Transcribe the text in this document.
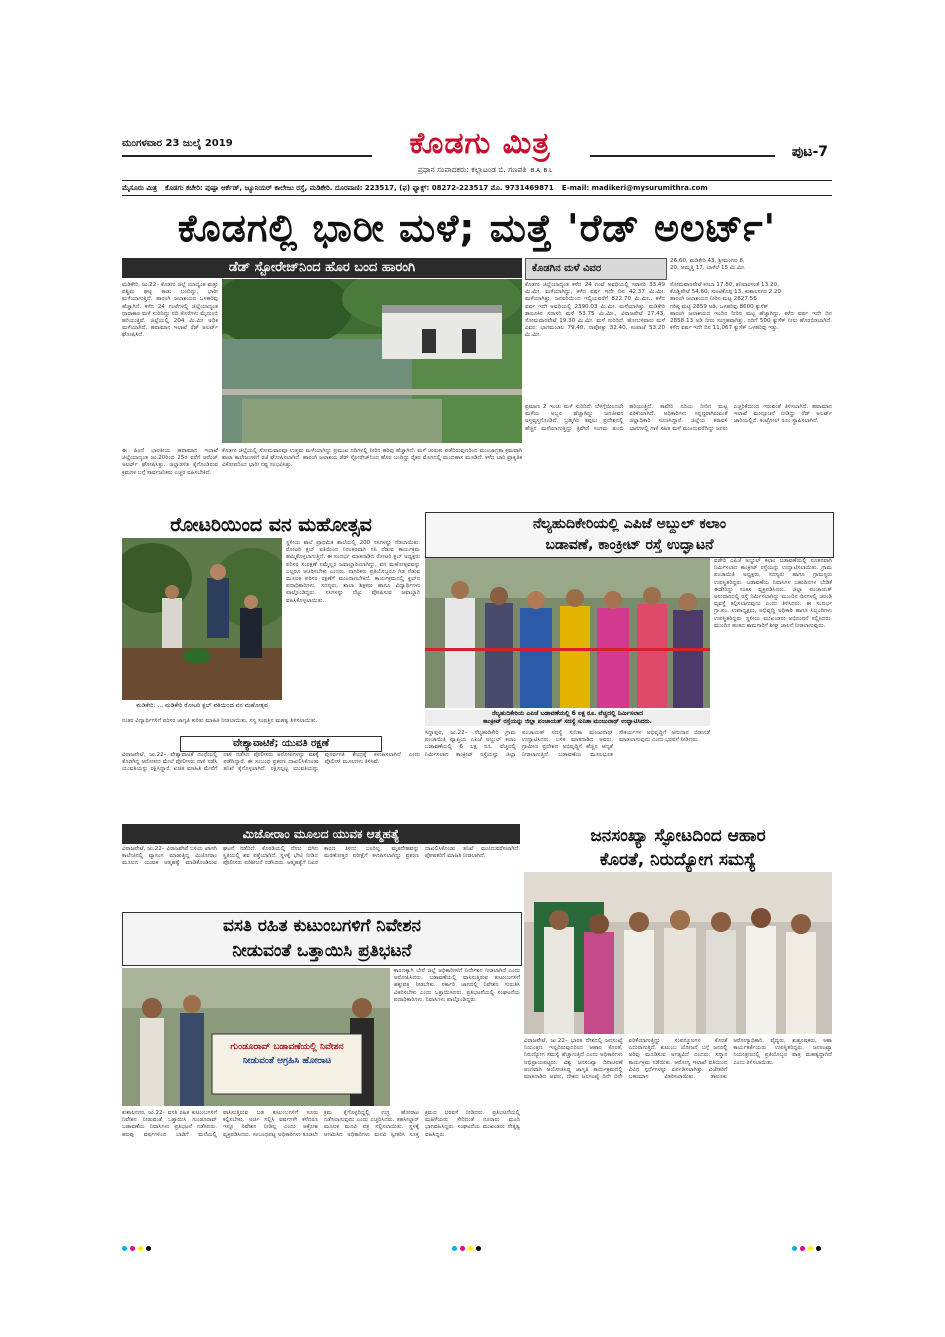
ಮಂಗಳವಾರ 23 ಜುಲೈ 2019	ಕೊಡಗು ಮಿತ್ರ	ಪುಟ-7
ಪ್ರಧಾನ ಸಂಪಾದಕರು: ಕಲ್ಲಾಟಂಡ ಬಿ. ಗಣಪತಿ B.A, B.L
ಮೈಸೂರು ಮಿತ್ರ ಕೊಡಗು ಕಚೇರಿ: ಪುಷ್ಪಾ ಆರ್ಕೆಡ್, ಜ್ಯೂನಿಯರ್ ಕಾಲೇಜು ರಸ್ತೆ, ಮಡಿಕೇರಿ. ದೂರವಾಣಿ: 223517, (ಫ) ಫ್ಯಾಕ್ಸ್: 08272-223517 ಮೊ. 9731469871 E-mail: madikeri@mysurumithra.com
ಕೊಡಗಲ್ಲಿ ಭಾರೀ ಮಳೆ; ಮತ್ತೆ 'ರೆಡ್ ಅಲರ್ಟ್'
ಡೆಡ್ ಸ್ಟೋರೇಜ್‌ನಿಂದ ಹೊರ ಬಂದ ಹಾರಂಗಿ
ಮಡಿಕೇರಿ, ಜು.22– ಕೊಡಗು ಜಿಲ್ಲೆ ಯಾದ್ಯಂತ ಮತ್ತು ಪಶ್ಚಿಮ ಘಟ್ಟ ಕಾಡು ಬಂದಿದ್ದು, ಭಾರೀ ಮಳೆಯಾಗುತ್ತಿದೆ. ಹಾರಂಗಿ ಜಲಾಶಯದ ಒಳಹರಿವು ಹೆಚ್ಚಾಗಿದೆ. ಕಳೆದ 24 ಗಂಟೆಗಳಲ್ಲಿ ಜಿಲ್ಲೆಯಾದ್ಯಂತ ಧಾರಾಕಾರ ಮಳೆ ಸುರಿದಿದ್ದು ನದಿ ತೊರೆಗಳು ಮೈದುಂಬಿ ಹರಿಯುತ್ತಿವೆ. ಜಿಲ್ಲೆಯಲ್ಲಿ 204 ಮಿ.ಮೀ ಅಧಿಕ ಮಳೆಯಾಗಿದೆ. ಹವಾಮಾನ ಇಲಾಖೆ ರೆಡ್ ಅಲರ್ಟ್ ಘೋಷಿಸಿದೆ.
ಈ ಹಿಂದೆ ಭಾರತೀಯ ಹವಾಮಾನ ಇಲಾಖೆ ಜಿಲ್ಲೆಯಾದ್ಯಂತ ಜು.20ರಿಂದ 25ರ ವರೆಗೆ ಆರೆಂಜ್ ಅಲರ್ಟ್ ಘೋಷಿಸಿತ್ತು. ಜಿಲ್ಲಾಡಳಿತ ಕೈಗೊಂಡಿರುವ ಕ್ರಮಗಳ ಬಗ್ಗೆ ಸಾರ್ವಜನಿಕರು ಎಚ್ಚರ ವಹಿಸಬೇಕಿದೆ.
ಕೊಡಗು ಜಿಲ್ಲೆಯಲ್ಲಿ ಸೋಮವಾರವೂ ಉತ್ತಮ ಮಳೆಯಾಗಿದ್ದು ಪ್ರಮುಖ ನದಿಗಳಲ್ಲಿ ನೀರಿನ ಹರಿವು ಹೆಚ್ಚಾಗಿದೆ. ಮಳೆ ಚುರುಕು ಪಡೆದಿರುವುದರಿಂದ ಮುಂಜಾಗ್ರತಾ ಕ್ರಮವಾಗಿ ಶಾಲಾ ಕಾಲೇಜುಗಳಿಗೆ ರಜೆ ಘೋಷಿಸಲಾಗಿದೆ. ಹಾರಂಗಿ ಜಲಾಶಯ ಡೆಡ್ ಸ್ಟೋರೇಜ್‌ನಿಂದ ಹೊರ ಬಂದಿದ್ದು ರೈತರ ಮೊಗದಲ್ಲಿ ಮಂದಹಾಸ ಮೂಡಿದೆ. ಕಳೆದ ಬಾರಿ ಪ್ರಾಕೃತಿಕ ವಿಕೋಪದಿಂದ ಭಾರೀ ನಷ್ಟ ಸಂಭವಿಸಿತ್ತು.
ಕೊಡಗಿನ ಮಳೆ ವಿವರ
26.60, ಮಡಿಕೇರಿ 43, ಶ್ರೀಮಂಗಲ 8,
20, ಅಮ್ಮತ್ತಿ 17, ಬಾಳೆಲೆ 15 ಮಿ.ಮೀ.
ಕೊಡಗು ಜಿಲ್ಲೆಯಾದ್ಯಂತ ಕಳೆದ 24 ಗಂಟೆ ಅವಧಿಯಲ್ಲಿ ಸರಾಸರಿ 33.49 ಮಿ.ಮೀ. ಮಳೆಯಾಗಿದ್ದು, ಕಳೆದ ವರ್ಷ ಇದೇ ದಿನ 42.37 ಮಿ.ಮೀ. ಮಳೆಯಾಗಿತ್ತು. ಜನವರಿಯಿಂದ ಇಲ್ಲಿಯವರೆಗೆ 822.70 ಮಿ.ಮೀ., ಕಳೆದ ವರ್ಷ ಇದೇ ಅವಧಿಯಲ್ಲಿ 2390.03 ಮಿ.ಮೀ. ಮಳೆಯಾಗಿತ್ತು. ಮಡಿಕೇರಿ ತಾಲೂಕಿನ ಸರಾಸರಿ ಮಳೆ 53.75 ಮಿ.ಮೀ., ವಿರಾಜಪೇಟೆ 27.43, ಸೋಮವಾರಪೇಟೆ 19.30 ಮಿ.ಮೀ. ಮಳೆ ಸುರಿದಿದೆ. ಹೋಬಳಿವಾರು ಮಳೆ ವಿವರ: ಭಾಗಮಂಡಲ 79.40, ನಾಪೋಕ್ಲು 32.40, ಸಂಪಾಜೆ 53.20 ಮಿ.ಮೀ.
ಸೋಮವಾರಪೇಟೆ ಕಸಬಾ 17.80, ಶನಿವಾರಸಂತೆ 13.20,
ಕೊಡ್ಲಿಪೇಟೆ 54.60, ಸುಂಟಿಕೊಪ್ಪ 13, ಕುಶಾಲನಗರ 2.20
ಹಾರಂಗಿ ಜಲಾಶಯದ ನೀರಿನ ಮಟ್ಟ 2827.56
ಗರಿಷ್ಠ ಮಟ್ಟ 2859 ಅಡಿ, ಒಳಹರಿವು 8600 ಕ್ಯುಸೆಕ್
ಹಾರಂಗಿ ಜಲಾಶಯದ ಇಂದಿನ ನೀರಿನ ಮಟ್ಟ ಹೆಚ್ಚಾಗಿದ್ದು, ಕಳೆದ ವರ್ಷ ಇದೇ ದಿನ 2858.13 ಅಡಿ ನೀರು ಸಂಗ್ರಹವಾಗಿತ್ತು. ನದಿಗೆ 500 ಕ್ಯುಸೆಕ್ ನೀರು ಹೊರಬಿಡಲಾಗಿದೆ. ಕಳೆದ ವರ್ಷ ಇದೇ ದಿನ 11,067 ಕ್ಯುಸೆಕ್ ಒಳಹರಿವು ಇತ್ತು.
ಪ್ರಮಾಣ 2 ಇಂಚು ಮಳೆ ಸುರಿದಿದೆ. ಬೆಳಿಗ್ಗೆಯಿಂದಲೇ ಮಳೆಯ ಅಬ್ಬರ ಹೆಚ್ಚಾಗಿದ್ದು ಜನಜೀವನ ಅಸ್ತವ್ಯಸ್ತಗೊಂಡಿದೆ. ಬ್ರಹ್ಮಗಿರಿ ತಪ್ಪಲು ಪ್ರದೇಶದಲ್ಲಿ ಹೆಚ್ಚಿನ ಮಳೆಯಾಗುತ್ತಿದ್ದು ತ್ರಿವೇಣಿ ಸಂಗಮ ತುಂಬಿ ಹರಿಯುತ್ತಿದೆ. ಕಾವೇರಿ ನದಿಯ ನೀರಿನ ಮಟ್ಟ ಏರಿಕೆಯಾಗಿದೆ. ಅಧಿಕಾರಿಗಳು ಸನ್ನದ್ಧರಾಗಿರುವಂತೆ ಜಿಲ್ಲಾಧಿಕಾರಿ ಸೂಚಿಸಿದ್ದಾರೆ. ಜಿಲ್ಲೆಯ ಕರಾವಳಿ ಭಾಗಗಳಲ್ಲಿ ಗಾಳಿ ಸಹಿತ ಮಳೆ ಮುಂದುವರೆದಿದ್ದು ಜನರು ಎಚ್ಚರಿಕೆಯಿಂದ ಇರುವಂತೆ ತಿಳಿಸಲಾಗಿದೆ. ಹವಾಮಾನ ಇಲಾಖೆ ಮುನ್ಸೂಚನೆ ನೀಡಿದ್ದು ರೆಡ್ ಅಲರ್ಟ್ ಜಾರಿಯಲ್ಲಿದೆ. ಕಂಟ್ರೋಲ್ ರೂಂ ಸ್ಥಾಪಿಸಲಾಗಿದೆ.
ರೋಟರಿಯಿಂದ ವನ ಮಹೋತ್ಸವ
ಮಡಿಕೇರಿ: ... ಮಡಿಕೇರಿ ರೋಟರಿ ಕ್ಲಬ್ ವತಿಯಿಂದ ವನ ಮಹೋತ್ಸವ
ಸ್ಥಳೀಯ ಶಾಲೆ ಪ್ರಾಥಮಿಕ ಶಾಲೆಯಲ್ಲಿ 200 ಸಸಿಗಳನ್ನು ನೆಡಲಾಯಿತು. ರೋಟರಿ ಕ್ಲಬ್ ವತಿಯಿಂದ ನಿರಂತರವಾಗಿ ಸಸಿ ನೆಡುವ ಕಾರ್ಯಕ್ರಮ ಹಮ್ಮಿಕೊಳ್ಳಲಾಗುತ್ತಿದೆ. ಈ ಸಂದರ್ಭ ಮಾತನಾಡಿದ ರೋಟರಿ ಕ್ಲಬ್ ಅಧ್ಯಕ್ಷರು ಪರಿಸರ ಸಂರಕ್ಷಣೆ ನಮ್ಮೆಲ್ಲರ ಜವಾಬ್ದಾರಿಯಾಗಿದ್ದು, ವನ ಮಹೋತ್ಸವವನ್ನು ಎಲ್ಲರೂ ಆಚರಿಸಬೇಕು ಎಂದರು. ನಾಗರಿಕರು ಪ್ರತಿಯೊಬ್ಬರೂ ಗಿಡ ನೆಡುವ ಮೂಲಕ ಪರಿಸರ ರಕ್ಷಣೆಗೆ ಮುಂದಾಗಬೇಕಿದೆ. ಕಾರ್ಯಕ್ರಮದಲ್ಲಿ ಕ್ಲಬ್‌ನ ಪದಾಧಿಕಾರಿಗಳು, ಸದಸ್ಯರು, ಶಾಲಾ ಶಿಕ್ಷಕರು ಹಾಗೂ ವಿದ್ಯಾರ್ಥಿಗಳು ಪಾಲ್ಗೊಂಡಿದ್ದರು. ಸಸಿಗಳನ್ನು ನೆಟ್ಟು ಪೋಷಿಸುವ ಜವಾಬ್ದಾರಿ ವಹಿಸಿಕೊಳ್ಳಲಾಯಿತು.
ನಂತರ ವಿದ್ಯಾರ್ಥಿಗಳಿಗೆ ಪರಿಸರ ಜಾಗೃತಿ ಕುರಿತು ಮಾಹಿತಿ ನೀಡಲಾಯಿತು. ಸಸ್ಯ ಸಂಪತ್ತಿನ ಮಹತ್ವ ತಿಳಿಸಲಾಯಿತು.
ವೇಶ್ಯಾವಾಟಿಕೆ; ಯುವತಿ ರಕ್ಷಣೆ
ವಿರಾಜಪೇಟೆ, ಜು.22– ವೇಶ್ಯಾವಾಟಿಕೆ ದಂಧೆಯಲ್ಲಿ ತೊಡಗಿದ್ದ ಆರೋಪದ ಮೇಲೆ ಪೊಲೀಸರು ದಾಳಿ ನಡೆಸಿ ಯುವತಿಯನ್ನು ರಕ್ಷಿಸಿದ್ದಾರೆ. ಖಚಿತ ಮಾಹಿತಿ ಮೇರೆಗೆ ದಾಳಿ ನಡೆಸಿದ ಪೊಲೀಸರು ಆರೋಪಿಗಳನ್ನು ವಶಕ್ಕೆ ಪಡೆದಿದ್ದಾರೆ. ಈ ಸಂಬಂಧ ಪ್ರಕರಣ ದಾಖಲಿಸಿಕೊಂಡು ತನಿಖೆ ಕೈಗೊಳ್ಳಲಾಗಿದೆ. ರಕ್ಷಿಸಲ್ಪಟ್ಟ ಯುವತಿಯನ್ನು ಪುನರ್ವಸತಿ ಕೇಂದ್ರಕ್ಕೆ ಕಳುಹಿಸಲಾಗಿದೆ ಎಂದು ಪೊಲೀಸ್ ಮೂಲಗಳು ತಿಳಿಸಿವೆ.
ನೆಲ್ಯಹುದಿಕೇರಿಯಲ್ಲಿ ಎಪಿಜೆ ಅಬ್ದುಲ್ ಕಲಾಂ
ಬಡಾವಣೆ, ಕಾಂಕ್ರೀಟ್ ರಸ್ತೆ ಉದ್ಘಾಟನೆ
ನೆಲ್ಯಹುದಿಕೇರಿಯ ಎಪಿಜೆ ಬಡಾವಣೆಯಲ್ಲಿ 6 ಲಕ್ಷ ರೂ. ವೆಚ್ಚದಲ್ಲಿ ನಿರ್ಮಿಸಲಾದ
ಕಾಂಕ್ರೀಟ್ ರಸ್ತೆಯನ್ನು ಜಿಲ್ಲಾ ಪಂಚಾಯತ್ ಸದಸ್ಯೆ ಸುನಿತಾ ಮಂಜುನಾಥ್ ಉದ್ಘಾಟಿಸಿದರು.
ವಡೇರಿ ಎಪಿಜೆ ಅಬ್ದುಲ್ ಕಲಾಂ ಬಡಾವಣೆಯಲ್ಲಿ ನೂತನವಾಗಿ ನಿರ್ಮಿಸಲಾದ ಕಾಂಕ್ರೀಟ್ ರಸ್ತೆಯನ್ನು ಉದ್ಘಾಟಿಸಲಾಯಿತು. ಗ್ರಾಮ ಪಂಚಾಯಿತಿ ಅಧ್ಯಕ್ಷರು, ಸದಸ್ಯರು ಹಾಗೂ ಗ್ರಾಮಸ್ಥರು ಉಪಸ್ಥಿತರಿದ್ದರು. ಬಡಾವಣೆಯ ನಿವಾಸಿಗಳ ಬಹುದಿನಗಳ ಬೇಡಿಕೆ ಈಡೇರಿದ್ದು ಸಂತಸ ವ್ಯಕ್ತಪಡಿಸಿದರು. ಜಿಲ್ಲಾ ಪಂಚಾಯತ್ ಅನುದಾನದಲ್ಲಿ ರಸ್ತೆ ನಿರ್ಮಿಸಲಾಗಿದ್ದು ಮುಂದಿನ ದಿನಗಳಲ್ಲಿ ಚರಂಡಿ ವ್ಯವಸ್ಥೆ ಕಲ್ಪಿಸಲಾಗುವುದು ಎಂದು ತಿಳಿಸಿದರು. ಈ ಸಂದರ್ಭ ಗ್ರಾ.ಪಂ. ಉಪಾಧ್ಯಕ್ಷರು, ಅಭಿವೃದ್ಧಿ ಅಧಿಕಾರಿ ಹಾಗೂ ಸಿಬ್ಬಂದಿಗಳು ಉಪಸ್ಥಿತರಿದ್ದರು. ಸ್ಥಳೀಯ ಮುಖಂಡರು ಅಭಿನಂದನೆ ಸಲ್ಲಿಸಿದರು. ಮುಂದಿನ ಹಂತದ ಕಾಮಗಾರಿಗೆ ಶೀಘ್ರ ಚಾಲನೆ ನೀಡಲಾಗುವುದು.
ಸಿದ್ದಾಪುರ, ಜು.22– ನೆಲ್ಯಹುದಿಕೇರಿ ಗ್ರಾಮ ಪಂಚಾಯಿತಿ ವ್ಯಾಪ್ತಿಯ ಎಪಿಜೆ ಅಬ್ದುಲ್ ಕಲಾಂ ಬಡಾವಣೆಯಲ್ಲಿ 6 ಲಕ್ಷ ರೂ. ವೆಚ್ಚದಲ್ಲಿ ನಿರ್ಮಿಸಲಾದ ಕಾಂಕ್ರೀಟ್ ರಸ್ತೆಯನ್ನು ಜಿಲ್ಲಾ ಪಂಚಾಯತ್ ಸದಸ್ಯೆ ಸುನಿತಾ ಮಂಜುನಾಥ್ ಉದ್ಘಾಟಿಸಿದರು. ಬಳಿಕ ಮಾತನಾಡಿದ ಅವರು, ಗ್ರಾಮೀಣ ಪ್ರದೇಶದ ಅಭಿವೃದ್ಧಿಗೆ ಹೆಚ್ಚಿನ ಆದ್ಯತೆ ನೀಡಲಾಗುತ್ತಿದೆ. ಬಡಾವಣೆಯ ಮೂಲಭೂತ ಸೌಕರ್ಯಗಳ ಅಭಿವೃದ್ಧಿಗೆ ಅನುದಾನ ಬಿಡುಗಡೆ ಮಾಡಲಾಗುವುದು ಎಂದು ಭರವಸೆ ನೀಡಿದರು.
ಮಿಜೋರಾಂ ಮೂಲದ ಯುವಕ ಆತ್ಮಹತ್ಯೆ
ವಿರಾಜಪೇಟೆ, ಜು.22– ವಿರಾಜಪೇಟೆ ಬಳಿಯ ಖಾಸಗಿ ಕಾಲೇಜಿನಲ್ಲಿ ವ್ಯಾಸಂಗ ಮಾಡುತ್ತಿದ್ದ ಮಿಜೋರಾಂ ಮೂಲದ ಯುವಕ ಆತ್ಮಹತ್ಯೆ ಮಾಡಿಕೊಂಡಿರುವ ಘಟನೆ ನಡೆದಿದೆ. ಕೊಠಡಿಯಲ್ಲಿ ನೇಣು ಬಿಗಿದ ಸ್ಥಿತಿಯಲ್ಲಿ ಶವ ಪತ್ತೆಯಾಗಿದೆ. ಸ್ಥಳಕ್ಕೆ ಭೇಟಿ ನೀಡಿದ ಪೊಲೀಸರು ಪರಿಶೀಲನೆ ನಡೆಸಿದರು. ಆತ್ಮಹತ್ಯೆಗೆ ನಿಖರ ಕಾರಣ ತಿಳಿದು ಬಂದಿಲ್ಲ. ಮೃತದೇಹವನ್ನು ಮರಣೋತ್ತರ ಪರೀಕ್ಷೆಗೆ ಕಳುಹಿಸಲಾಗಿದ್ದು ಪ್ರಕರಣ ದಾಖಲಿಸಿಕೊಂಡು ತನಿಖೆ ಮುಂದುವರೆಸಲಾಗಿದೆ. ಪೋಷಕರಿಗೆ ಮಾಹಿತಿ ನೀಡಲಾಗಿದೆ.
ವಸತಿ ರಹಿತ ಕುಟುಂಬಗಳಿಗೆ ನಿವೇಶನ
ನೀಡುವಂತೆ ಒತ್ತಾಯಿಸಿ ಪ್ರತಿಭಟನೆ
ಗುಂಡೂರಾವ್ ಬಡಾವಣೆಯಲ್ಲಿ ನಿವೇಶನ
ನೀಡುವಂತೆ ಆಗ್ರಹಿಸಿ ಹೋರಾಟ
ಕಾರಣಕ್ಕಾಗಿ ಬೇರೆ ಜಿಲ್ಲೆ ಅಧಿಕಾರಿಗಳಿಗೆ ನಿರ್ದೇಶನ ನೀಡಲಾಗಿದೆ ಎಂದು ಆರೋಪಿಸಿದರು. ಬಡಾವಣೆಯಲ್ಲಿ ವಾಸಿಸುತ್ತಿರುವ ಕುಟುಂಬಗಳಿಗೆ ಹಕ್ಕುಪತ್ರ ನೀಡಬೇಕು. ಸರ್ಕಾರಿ ಜಾಗದಲ್ಲಿ ನಿವೇಶನ ಗುರುತಿಸಿ ವಿತರಿಸಬೇಕು ಎಂದು ಒತ್ತಾಯಿಸಿದರು. ಪ್ರತಿಭಟನೆಯಲ್ಲಿ ಸಂಘಟನೆಯ ಪದಾಧಿಕಾರಿಗಳು, ನಿವಾಸಿಗಳು ಪಾಲ್ಗೊಂಡಿದ್ದರು.
ಕುಶಾಲನಗರ, ಜು.22– ವಸತಿ ರಹಿತ ಕುಟುಂಬಗಳಿಗೆ ನಿವೇಶನ ನೀಡುವಂತೆ ಒತ್ತಾಯಿಸಿ ಗುಂಡೂರಾವ್ ಬಡಾವಣೆಯ ನಿವಾಸಿಗಳು ಪ್ರತಿಭಟನೆ ನಡೆಸಿದರು. ಹಲವು ವರ್ಷಗಳಿಂದ ಬಾಡಿಗೆ ಮನೆಯಲ್ಲಿ ವಾಸಿಸುತ್ತಿರುವ ಬಡ ಕುಟುಂಬಗಳಿಗೆ ಸೂರು ಕಲ್ಪಿಸಬೇಕು. ಅರ್ಜಿ ಸಲ್ಲಿಸಿ ವರ್ಷಗಳೇ ಕಳೆದರೂ ಇನ್ನೂ ನಿವೇಶನ ನೀಡಿಲ್ಲ ಎಂದು ಆಕ್ರೋಶ ವ್ಯಕ್ತಪಡಿಸಿದರು. ಸಂಬಂಧಪಟ್ಟ ಅಧಿಕಾರಿಗಳು ಕೂಡಲೇ ಕ್ರಮ ಕೈಗೊಳ್ಳದಿದ್ದಲ್ಲಿ ಉಗ್ರ ಹೋರಾಟ ನಡೆಸಲಾಗುವುದು ಎಂದು ಎಚ್ಚರಿಸಿದರು. ತಹಸೀಲ್ದಾರ್ ಮೂಲಕ ಮನವಿ ಪತ್ರ ಸಲ್ಲಿಸಲಾಯಿತು. ಸ್ಥಳಕ್ಕೆ ಆಗಮಿಸಿದ ಅಧಿಕಾರಿಗಳು ಮನವಿ ಸ್ವೀಕರಿಸಿ ಸೂಕ್ತ ಕ್ರಮದ ಭರವಸೆ ನೀಡಿದರು. ಪ್ರತಿಭಟನೆಯಲ್ಲಿ ಮಹಿಳೆಯರು ಸೇರಿದಂತೆ ನೂರಾರು ಮಂದಿ ಭಾಗವಹಿಸಿದ್ದರು. ಸಂಘಟನೆಯ ಮುಖಂಡರು ನೇತೃತ್ವ ವಹಿಸಿದ್ದರು.
ಜನಸಂಖ್ಯಾ ಸ್ಫೋಟದಿಂದ ಆಹಾರ
ಕೊರತೆ, ನಿರುದ್ಯೋಗ ಸಮಸ್ಯೆ
ವಿರಾಜಪೇಟೆ, ಜು.22– ಭಾರತ ದೇಶದಲ್ಲಿ ಜನಸಂಖ್ಯೆ ನಿಯಂತ್ರಣ ಇಲ್ಲದಿರುವುದರಿಂದ ಆಹಾರ ಕೊರತೆ, ನಿರುದ್ಯೋಗ ಸಮಸ್ಯೆ ಹೆಚ್ಚಾಗುತ್ತಿದೆ ಎಂದು ಅಧಿಕಾರಿಗಳು ಅಭಿಪ್ರಾಯಪಟ್ಟರು. ವಿಶ್ವ ಜನಸಂಖ್ಯಾ ದಿನಾಚರಣೆ ಅಂಗವಾಗಿ ಆಯೋಜಿಸಿದ್ದ ಜಾಗೃತಿ ಕಾರ್ಯಕ್ರಮದಲ್ಲಿ ಮಾತನಾಡಿದ ಅವರು, ದೇಶದ ಜನಸಂಖ್ಯೆ ದಿನೇ ದಿನೇ ಏರಿಕೆಯಾಗುತ್ತಿದ್ದು ಸಂಪನ್ಮೂಲಗಳ ಕೊರತೆ ಎದುರಾಗುತ್ತಿದೆ. ಕುಟುಂಬ ಯೋಜನೆ ಬಗ್ಗೆ ಜನರಲ್ಲಿ ಅರಿವು ಮೂಡಿಸುವ ಅಗತ್ಯವಿದೆ ಎಂದರು. ಸನ್ಮಾನ ಕಾರ್ಯಕ್ರಮ ನಡೆಯಿತು. ಆರೋಗ್ಯ ಇಲಾಖೆ ವತಿಯಿಂದ ವಿವಿಧ ಸ್ಪರ್ಧೆಗಳನ್ನು ಏರ್ಪಡಿಸಲಾಗಿತ್ತು. ವಿಜೇತರಿಗೆ ಬಹುಮಾನ ವಿತರಿಸಲಾಯಿತು. ತಾಲೂಕು ಆರೋಗ್ಯಾಧಿಕಾರಿ, ವೈದ್ಯರು, ಶುಶ್ರೂಷಕರು, ಆಶಾ ಕಾರ್ಯಕರ್ತೆಯರು ಉಪಸ್ಥಿತರಿದ್ದರು. ಜನಸಂಖ್ಯಾ ನಿಯಂತ್ರಣದಲ್ಲಿ ಪ್ರತಿಯೊಬ್ಬರ ಪಾತ್ರ ಮಹತ್ವದ್ದಾಗಿದೆ ಎಂದು ತಿಳಿಸಲಾಯಿತು.
